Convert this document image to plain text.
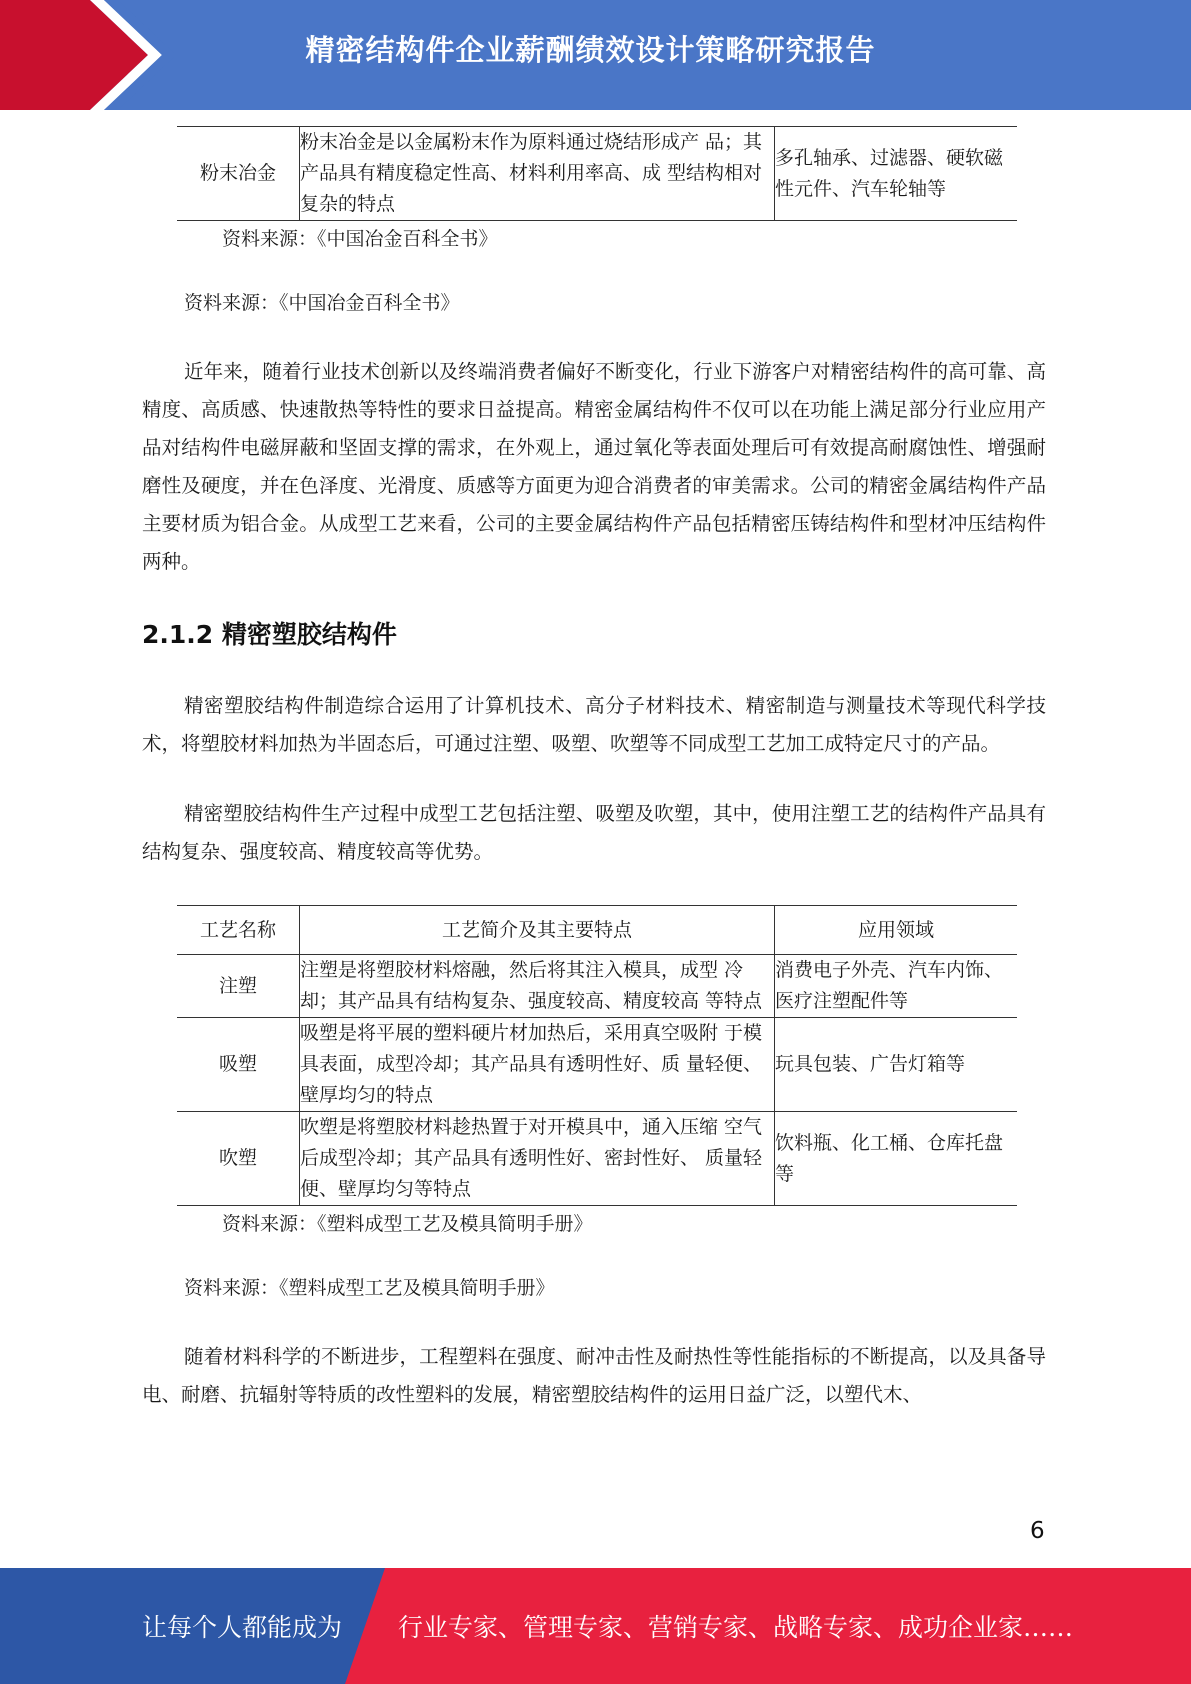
精密结构件企业薪酬绩效设计策略研究报告
粉末冶金	粉末冶金是以金属粉末作为原料通过烧结形成产 品；其产品具有精度稳定性高、材料利用率高、成 型结构相对复杂的特点	多孔轴承、过滤器、硬软磁性元件、汽车轮轴等
资料来源：《中国冶金百科全书》
资料来源：《中国冶金百科全书》

近年来，随着行业技术创新以及终端消费者偏好不断变化，行业下游客户对精密结构件的高可靠、高精度、高质感、快速散热等特性的要求日益提高。精密金属结构件不仅可以在功能上满足部分行业应用产品对结构件电磁屏蔽和坚固支撑的需求，在外观上，通过氧化等表面处理后可有效提高耐腐蚀性、增强耐磨性及硬度，并在色泽度、光滑度、质感等方面更为迎合消费者的审美需求。公司的精密金属结构件产品主要材质为铝合金。从成型工艺来看，公司的主要金属结构件产品包括精密压铸结构件和型材冲压结构件两种。

2.1.2 精密塑胶结构件

精密塑胶结构件制造综合运用了计算机技术、高分子材料技术、精密制造与测量技术等现代科学技术，将塑胶材料加热为半固态后，可通过注塑、吸塑、吹塑等不同成型工艺加工成特定尺寸的产品。

精密塑胶结构件生产过程中成型工艺包括注塑、吸塑及吹塑，其中，使用注塑工艺的结构件产品具有结构复杂、强度较高、精度较高等优势。

工艺名称	工艺简介及其主要特点	应用领域
注塑	注塑是将塑胶材料熔融，然后将其注入模具，成型 冷却；其产品具有结构复杂、强度较高、精度较高 等特点	消费电子外壳、汽车内饰、医疗注塑配件等
吸塑	吸塑是将平展的塑料硬片材加热后，采用真空吸附 于模具表面，成型冷却；其产品具有透明性好、质 量轻便、壁厚均匀的特点	玩具包装、广告灯箱等
吹塑	吹塑是将塑胶材料趁热置于对开模具中，通入压缩 空气后成型冷却；其产品具有透明性好、密封性好、 质量轻便、壁厚均匀等特点	饮料瓶、化工桶、仓库托盘等
资料来源：《塑料成型工艺及模具简明手册》
资料来源：《塑料成型工艺及模具简明手册》

随着材料科学的不断进步，工程塑料在强度、耐冲击性及耐热性等性能指标的不断提高，以及具备导电、耐磨、抗辐射等特质的改性塑料的发展，精密塑胶结构件的运用日益广泛，以塑代木、

6
让每个人都能成为 行业专家、管理专家、营销专家、战略专家、成功企业家……
